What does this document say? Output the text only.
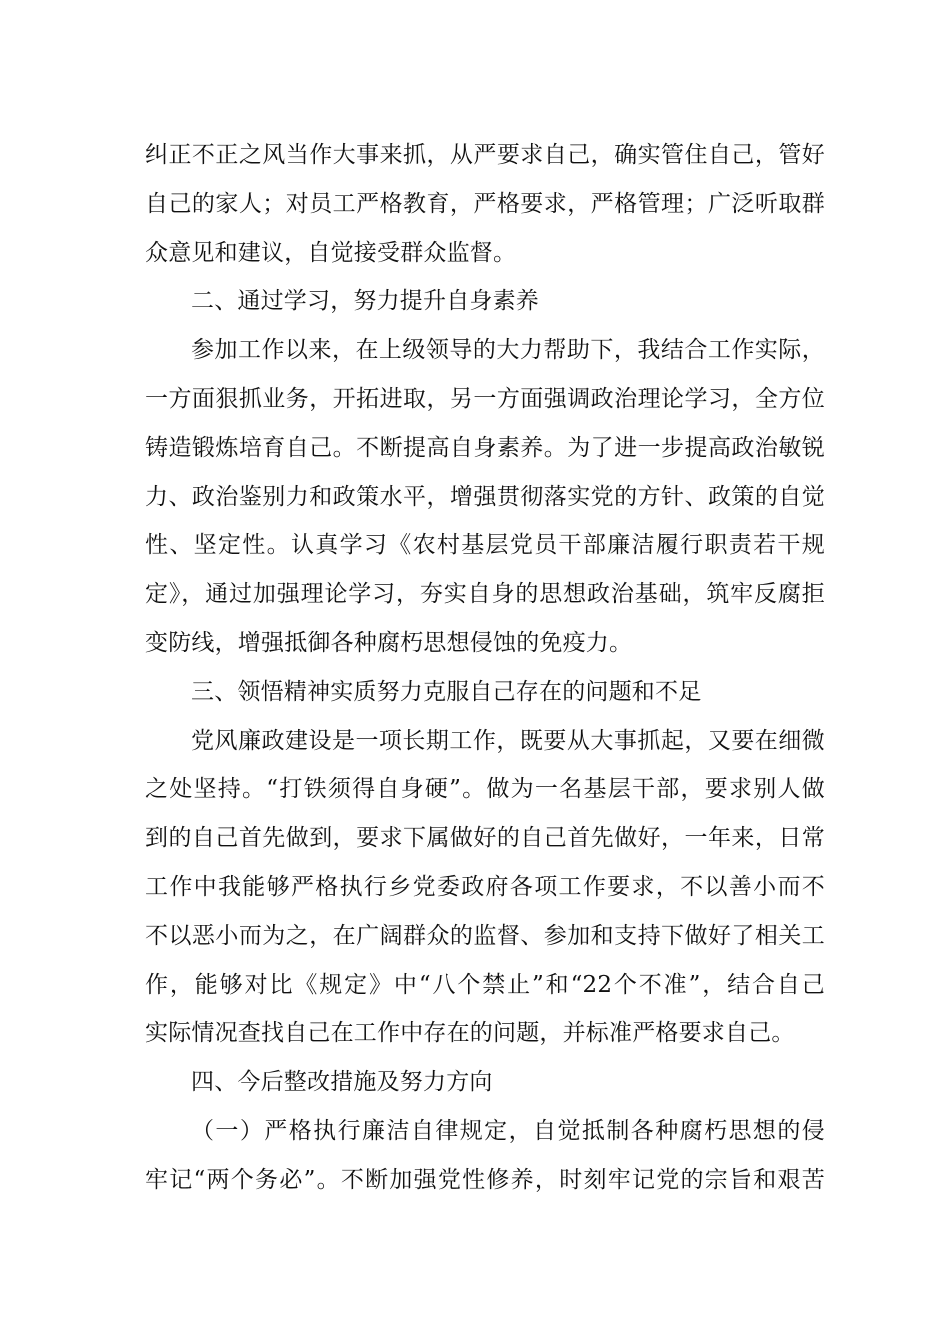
纠正不正之风当作大事来抓，从严要求自己，确实管住自己，管好
自己的家人；对员工严格教育，严格要求，严格管理；广泛听取群
众意见和建议，自觉接受群众监督。
二、通过学习，努力提升自身素养
参加工作以来，在上级领导的大力帮助下，我结合工作实际，
一方面狠抓业务，开拓进取，另一方面强调政治理论学习，全方位
铸造锻炼培育自己。不断提高自身素养。为了进一步提高政治敏锐
力、政治鉴别力和政策水平，增强贯彻落实党的方针、政策的自觉
性、坚定性。认真学习《农村基层党员干部廉洁履行职责若干规
定》，通过加强理论学习，夯实自身的思想政治基础，筑牢反腐拒
变防线，增强抵御各种腐朽思想侵蚀的免疫力。
三、领悟精神实质努力克服自己存在的问题和不足
党风廉政建设是一项长期工作，既要从大事抓起，又要在细微
之处坚持。“打铁须得自身硬”。做为一名基层干部，要求别人做
到的自己首先做到，要求下属做好的自己首先做好，一年来，日常
工作中我能够严格执行乡党委政府各项工作要求，不以善小而不
不以恶小而为之，在广阔群众的监督、参加和支持下做好了相关工
作，能够对比《规定》中“八个禁止”和“22个不准”，结合自己
实际情况查找自己在工作中存在的问题，并标准严格要求自己。
四、今后整改措施及努力方向
（一）严格执行廉洁自律规定，自觉抵制各种腐朽思想的侵
牢记“两个务必”。不断加强党性修养，时刻牢记党的宗旨和艰苦
